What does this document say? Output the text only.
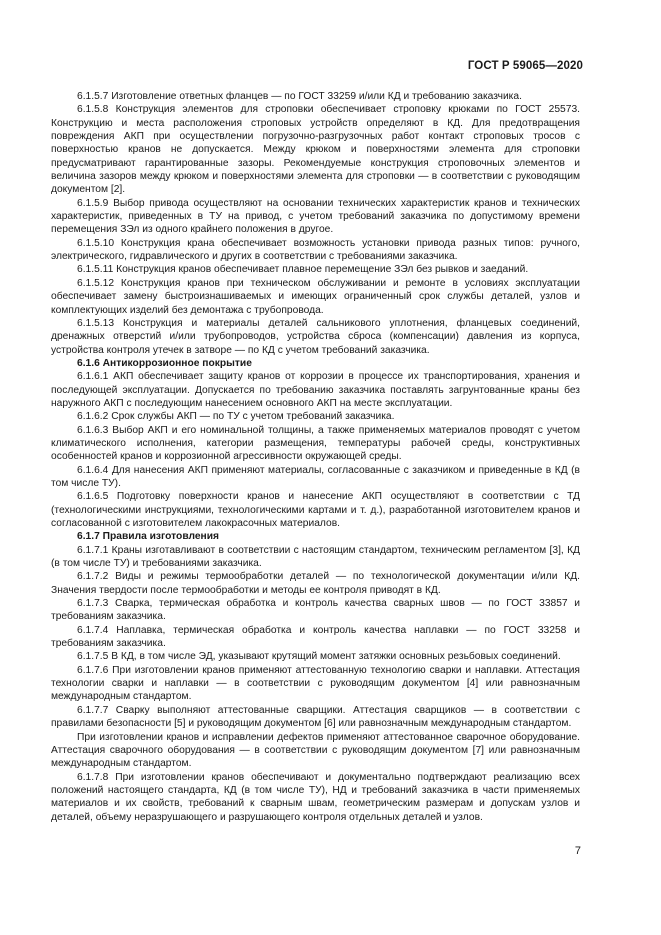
ГОСТ Р 59065—2020

6.1.5.7 Изготовление ответных фланцев — по ГОСТ 33259 и/или КД и требованию заказчика.

6.1.5.8 Конструкция элементов для строповки обеспечивает строповку крюками по ГОСТ 25573. Конструкцию и места расположения строповых устройств определяют в КД. Для предотвращения повреждения АКП при осуществлении погрузочно-разгрузочных работ контакт строповых тросов с поверхностью кранов не допускается. Между крюком и поверхностями элемента для строповки предусматривают гарантированные зазоры. Рекомендуемые конструкция строповочных элементов и величина зазоров между крюком и поверхностями элемента для строповки — в соответствии с руководящим документом [2].

6.1.5.9 Выбор привода осуществляют на основании технических характеристик кранов и технических характеристик, приведенных в ТУ на привод, с учетом требований заказчика по допустимому времени перемещения ЗЭл из одного крайнего положения в другое.

6.1.5.10 Конструкция крана обеспечивает возможность установки привода разных типов: ручного, электрического, гидравлического и других в соответствии с требованиями заказчика.

6.1.5.11 Конструкция кранов обеспечивает плавное перемещение ЗЭл без рывков и заеданий.

6.1.5.12 Конструкция кранов при техническом обслуживании и ремонте в условиях эксплуатации обеспечивает замену быстроизнашиваемых и имеющих ограниченный срок службы деталей, узлов и комплектующих изделий без демонтажа с трубопровода.

6.1.5.13 Конструкция и материалы деталей сальникового уплотнения, фланцевых соединений, дренажных отверстий и/или трубопроводов, устройства сброса (компенсации) давления из корпуса, устройства контроля утечек в затворе — по КД с учетом требований заказчика.

6.1.6 Антикоррозионное покрытие

6.1.6.1 АКП обеспечивает защиту кранов от коррозии в процессе их транспортирования, хранения и последующей эксплуатации. Допускается по требованию заказчика поставлять загрунтованные краны без наружного АКП с последующим нанесением основного АКП на месте эксплуатации.

6.1.6.2 Срок службы АКП — по ТУ с учетом требований заказчика.

6.1.6.3 Выбор АКП и его номинальной толщины, а также применяемых материалов проводят с учетом климатического исполнения, категории размещения, температуры рабочей среды, конструктивных особенностей кранов и коррозионной агрессивности окружающей среды.

6.1.6.4 Для нанесения АКП применяют материалы, согласованные с заказчиком и приведенные в КД (в том числе ТУ).

6.1.6.5 Подготовку поверхности кранов и нанесение АКП осуществляют в соответствии с ТД (технологическими инструкциями, технологическими картами и т. д.), разработанной изготовителем кранов и согласованной с изготовителем лакокрасочных материалов.

6.1.7 Правила изготовления

6.1.7.1 Краны изготавливают в соответствии с настоящим стандартом, техническим регламентом [3], КД (в том числе ТУ) и требованиями заказчика.

6.1.7.2 Виды и режимы термообработки деталей — по технологической документации и/или КД. Значения твердости после термообработки и методы ее контроля приводят в КД.

6.1.7.3 Сварка, термическая обработка и контроль качества сварных швов — по ГОСТ 33857 и требованиям заказчика.

6.1.7.4 Наплавка, термическая обработка и контроль качества наплавки — по ГОСТ 33258 и требованиям заказчика.

6.1.7.5 В КД, в том числе ЭД, указывают крутящий момент затяжки основных резьбовых соединений.

6.1.7.6 При изготовлении кранов применяют аттестованную технологию сварки и наплавки. Аттестация технологии сварки и наплавки — в соответствии с руководящим документом [4] или равнозначным международным стандартом.

6.1.7.7 Сварку выполняют аттестованные сварщики. Аттестация сварщиков — в соответствии с правилами безопасности [5] и руководящим документом [6] или равнозначным международным стандартом.

При изготовлении кранов и исправлении дефектов применяют аттестованное сварочное оборудование. Аттестация сварочного оборудования — в соответствии с руководящим документом [7] или равнозначным международным стандартом.

6.1.7.8 При изготовлении кранов обеспечивают и документально подтверждают реализацию всех положений настоящего стандарта, КД (в том числе ТУ), НД и требований заказчика в части применяемых материалов и их свойств, требований к сварным швам, геометрическим размерам и допускам узлов и деталей, объему неразрушающего и разрушающего контроля отдельных деталей и узлов.

7
